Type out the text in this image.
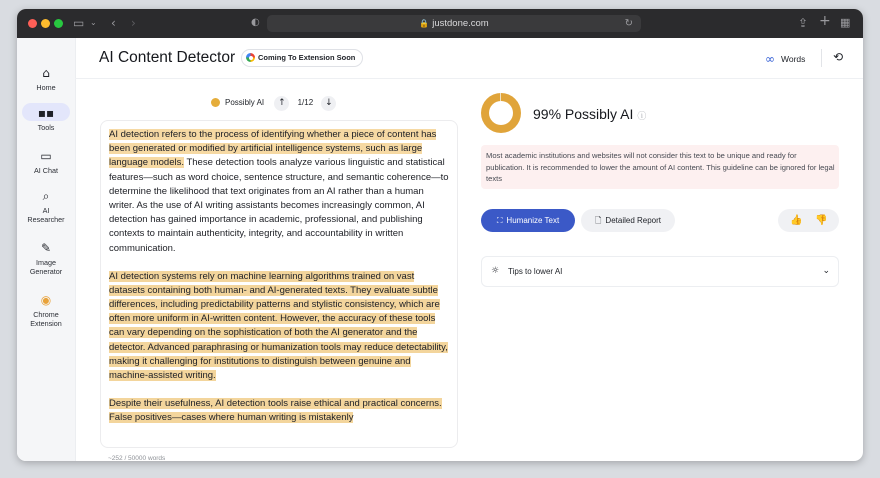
▭ ⌄ ‹ ›	◐	🔒 justdone.com	↻	⇪ + ▦
⌂
Home
▪▪
Tools
▭
AI Chat
⌕
AI Researcher
✎
Image Generator
◉
Chrome Extension
AI Content Detector	Coming To Extension Soon	∞ Words ⟲
Possibly AI ↑ 1/12 ↓

AI detection refers to the process of identifying whether a piece of content has been generated or modified by artificial intelligence systems, such as large language models. These detection tools analyze various linguistic and statistical features—such as word choice, sentence structure, and semantic coherence—to determine the likelihood that text originates from an AI rather than a human writer. As the use of AI writing assistants becomes increasingly common, AI detection has gained importance in academic, professional, and publishing contexts to maintain authenticity, integrity, and accountability in written communication.

AI detection systems rely on machine learning algorithms trained on vast datasets containing both human- and AI-generated texts. They evaluate subtle differences, including predictability patterns and stylistic consistency, which are often more uniform in AI-written content. However, the accuracy of these tools can vary depending on the sophistication of both the AI generator and the detector. Advanced paraphrasing or humanization tools may reduce detectability, making it challenging for institutions to distinguish between genuine and machine-assisted writing.

Despite their usefulness, AI detection tools raise ethical and practical concerns. False positives—cases where human writing is mistakenly

~252 / 50000 words
99% Possibly AI ⓘ
Most academic institutions and websites will not consider this text to be unique and ready for publication. It is recommended to lower the amount of AI content. This guideline can be ignored for legal texts
⛶ Humanize Text	🗋 Detailed Report	👍 👎
☼ Tips to lower AI	⌄
